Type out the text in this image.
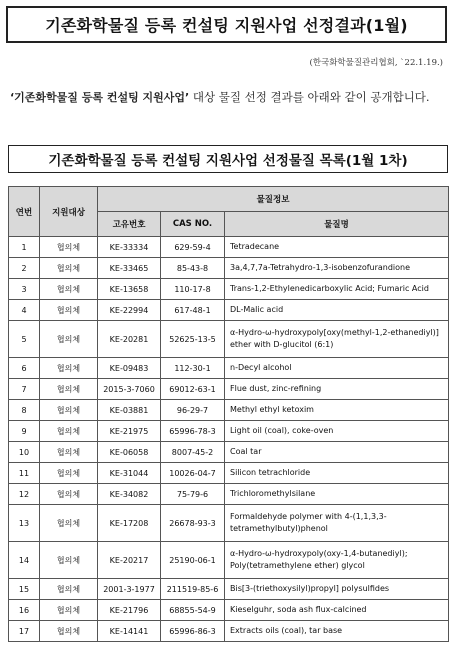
기존화학물질 등록 컨설팅 지원사업 선정결과(1월)
(한국화학물질관리협회, `22.1.19.)
‘기존화학물질 등록 컨설팅 지원사업’ 대상 물질 선정 결과를 아래와 같이 공개합니다.
기존화학물질 등록 컨설팅 지원사업 선정물질 목록(1월 1차)
연번	지원대상	물질정보		
		고유번호	CAS NO.	물질명
1	협의체	KE-33334	629-59-4	Tetradecane
2	협의체	KE-33465	85-43-8	3a,4,7,7a-Tetrahydro-1,3-isobenzofurandione
3	협의체	KE-13658	110-17-8	Trans-1,2-Ethylenedicarboxylic Acid; Fumaric Acid
4	협의체	KE-22994	617-48-1	DL-Malic acid
5	협의체	KE-20281	52625-13-5	α-Hydro-ω-hydroxypoly[oxy(methyl-1,2-ethanediyl)] ether with D-glucitol (6:1)
6	협의체	KE-09483	112-30-1	n-Decyl alcohol
7	협의체	2015-3-7060	69012-63-1	Flue dust, zinc-refining
8	협의체	KE-03881	96-29-7	Methyl ethyl ketoxim
9	협의체	KE-21975	65996-78-3	Light oil (coal), coke-oven
10	협의체	KE-06058	8007-45-2	Coal tar
11	협의체	KE-31044	10026-04-7	Silicon tetrachloride
12	협의체	KE-34082	75-79-6	Trichloromethylsilane
13	협의체	KE-17208	26678-93-3	Formaldehyde polymer with 4-(1,1,3,3-tetramethylbutyl)phenol
14	협의체	KE-20217	25190-06-1	α-Hydro-ω-hydroxypoly(oxy-1,4-butanediyl); Poly(tetramethylene ether) glycol
15	협의체	2001-3-1977	211519-85-6	Bis[3-(triethoxysilyl)propyl] polysulfides
16	협의체	KE-21796	68855-54-9	Kieselguhr, soda ash flux-calcined
17	협의체	KE-14141	65996-86-3	Extracts oils (coal), tar base
